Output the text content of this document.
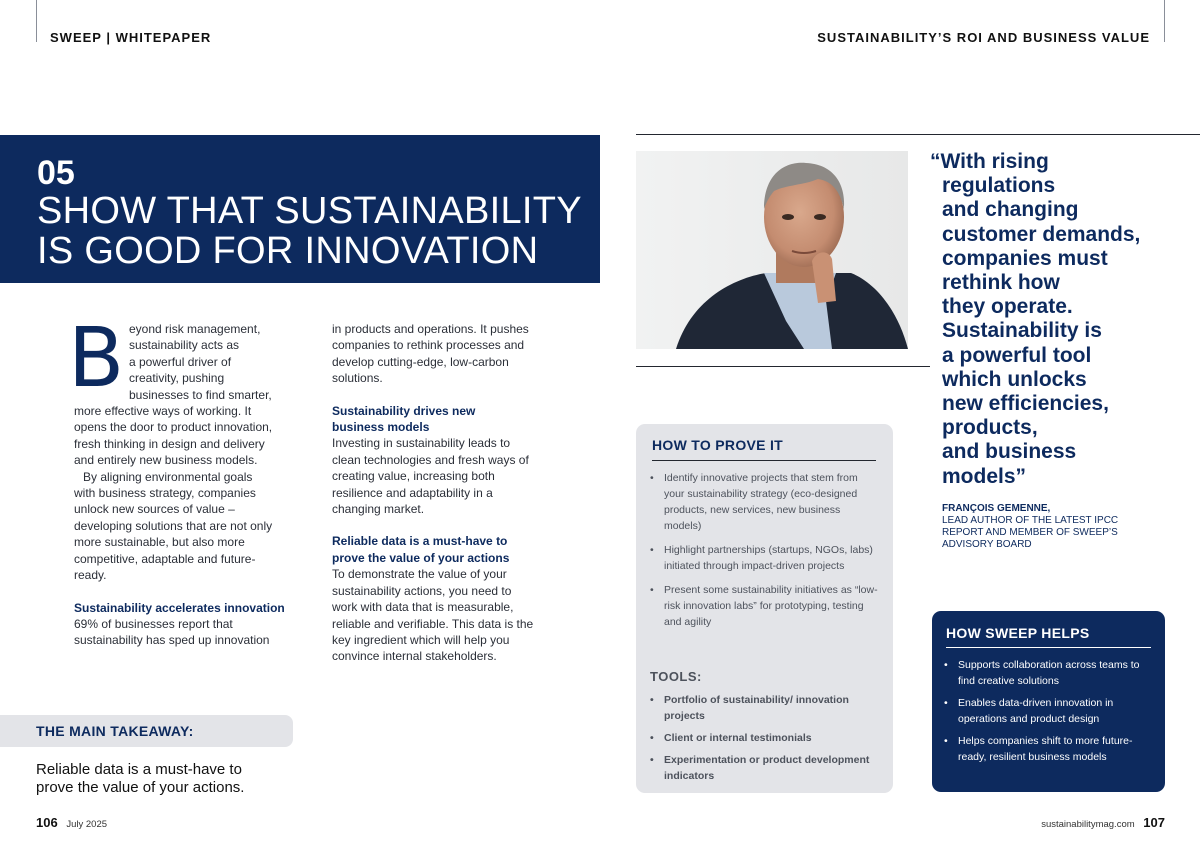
SWEEP | WHITEPAPER	SUSTAINABILITY’S ROI AND BUSINESS VALUE
05
SHOW THAT SUSTAINABILITY
IS GOOD FOR INNOVATION
B eyond risk management,
sustainability acts as
a powerful driver of
creativity, pushing
businesses to find smarter,

more effective ways of working. It opens the door to product innovation, fresh thinking in design and delivery and entirely new business models.

By aligning environmental goals with business strategy, companies unlock new sources of value – developing solutions that are not only more sustainable, but also more competitive, adaptable and future-ready.

Sustainability accelerates innovation

69% of businesses report that sustainability has sped up innovation

in products and operations. It pushes companies to rethink processes and develop cutting-edge, low-carbon solutions.

Sustainability drives new business models

Investing in sustainability leads to clean technologies and fresh ways of creating value, increasing both resilience and adaptability in a changing market.

Reliable data is a must-have to prove the value of your actions

To demonstrate the value of your sustainability actions, you need to work with data that is measurable, reliable and verifiable. This data is the key ingredient which will help you convince internal stakeholders.

THE MAIN TAKEAWAY:
Reliable data is a must-have to
prove the value of your actions.
“With rising
regulations
and changing
customer demands,
companies must
rethink how
they operate.
Sustainability is
a powerful tool
which unlocks
new efficiencies,
products,
and business
models”
FRANÇOIS GEMENNE,
LEAD AUTHOR OF THE LATEST IPCC
REPORT AND MEMBER OF SWEEP’S
ADVISORY BOARD
HOW TO PROVE IT
• Identify innovative projects that stem from your sustainability strategy (eco-designed products, new services, new business models)
• Highlight partnerships (startups, NGOs, labs) initiated through impact-driven projects
• Present some sustainability initiatives as “low-risk innovation labs” for prototyping, testing and agility
TOOLS:
• Portfolio of sustainability/ innovation projects
• Client or internal testimonials
• Experimentation or product development indicators
HOW SWEEP HELPS
• Supports collaboration across teams to find creative solutions
• Enables data-driven innovation in operations and product design
• Helps companies shift to more future-ready, resilient business models
106 July 2025	sustainabilitymag.com 107
